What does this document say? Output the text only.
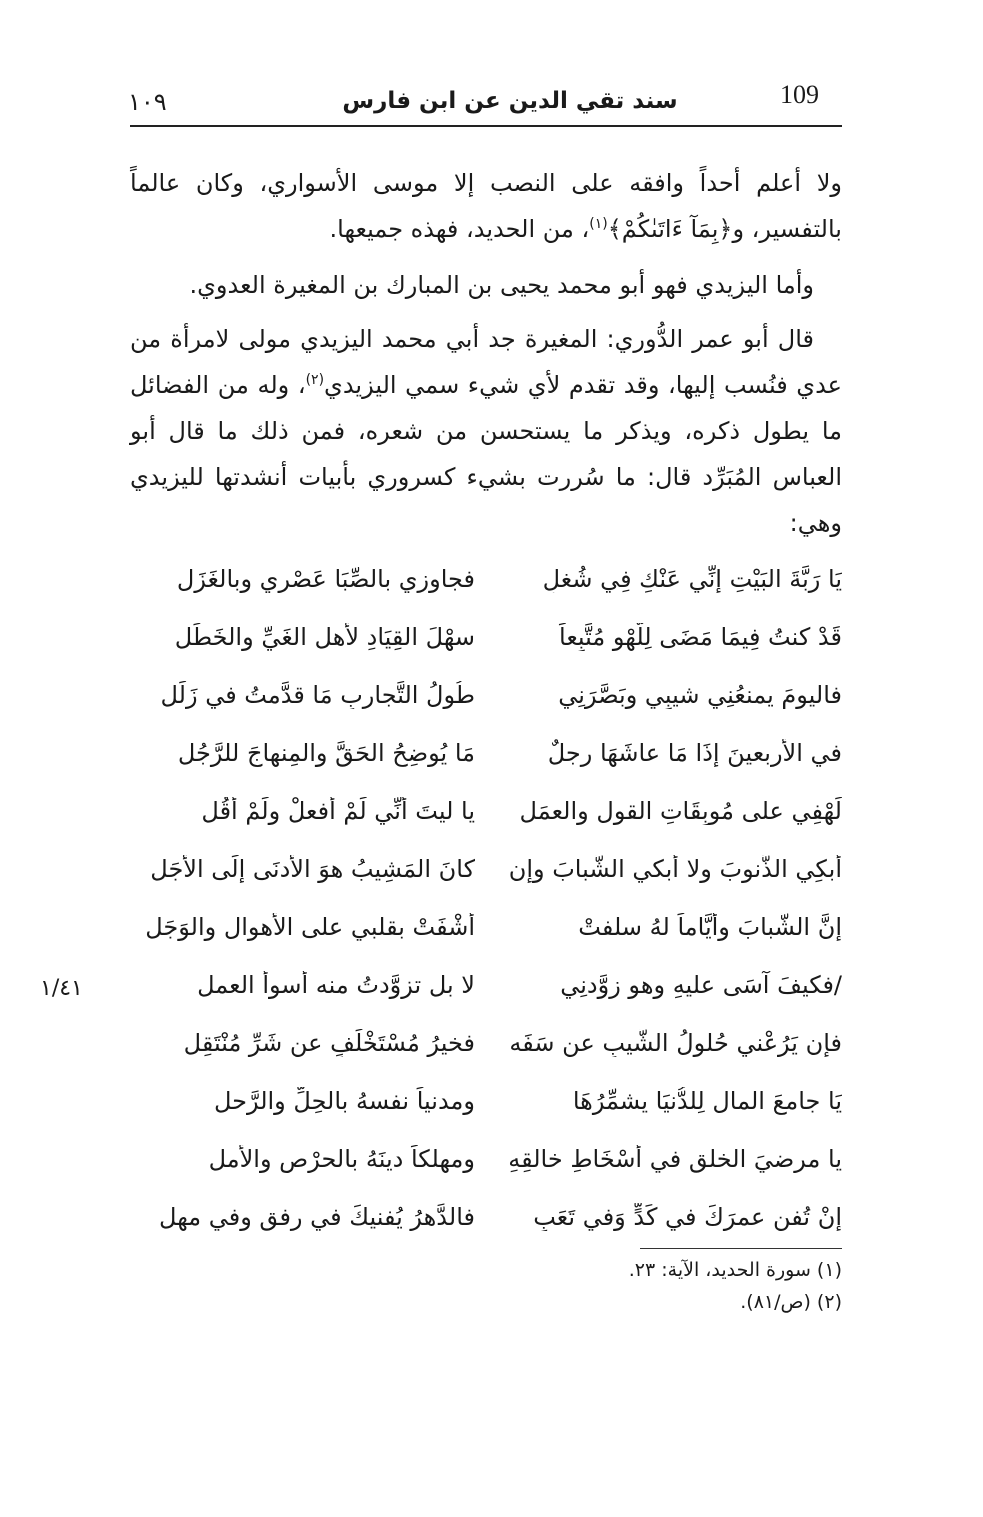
109
سند تقي الدين عن ابن فارس
١٠٩
ولا أعلم أحداً وافقه على النصب إلا موسى الأسواري، وكان عالماً بالتفسير، و﴿بِمَآ ءَاتَىٰكُمْ﴾$^{(١)}$، من الحديد، فهذه جميعها.
وأما اليزيدي فهو أبو محمد يحيى بن المبارك بن المغيرة العدوي.
قال أبو عمر الدُّوري: المغيرة جد أبي محمد اليزيدي مولى لامرأة من عدي فنُسب إليها، وقد تقدم لأي شيء سمي اليزيدي$^{(٢)}$، وله من الفضائل ما يطول ذكره، ويذكر ما يستحسن من شعره، فمن ذلك ما قال أبو العباس المُبَرِّد قال: ما سُررت بشيء كسروري بأبيات أنشدتها لليزيدي وهي:
يَا رَبَّةَ البَيْتِ إِنِّي عَنْكِ فِي شُغلٍ
فجاوِزِي بالصِّبَا عَصْرِي وبالغَزَلِ
قَدْ كنتُ فِيمَا مَضَى لِلَّهْوِ مُتَّبِعاً
سهْلَ القِيَادِ لأهلِ الغَيِّ والخَطَلِ
فاليومَ يمنعُنِي شيبِي وبَصَّرَنِي
طُولُ التَّجارِبِ مَا قدَّمتُ في زَلَلِ
في الأَربعينَ إِذَا مَا عاشَهَا رجلٌ
مَا يُوضِحُ الحَقَّ والمِنهاجَ للرَّجُلِ
لَهْفِي على مُوبِقَاتِ القولِ والعمَلِ
يا ليتَ أنِّي لَمْ أفعلْ ولَمْ أقُلِ
أبكِي الذُّنوبَ ولا أبكي الشَّبابَ وإِن
كانَ المَشِيبُ هوَ الأدنَى إِلَى الأجَلِ
إِنَّ الشَّبابَ وأيَّاماً لهُ سلفتْ
أشْفَتْ بقلبي على الأهوالِ والوَجَلِ
/فكيفَ آسَى عليهِ وهو زوَّدنِي
لا بل تزوَّدتُ منه أسوأَ العملِ
فإن يَرُعْني حُلولُ الشَّيبِ عن سَفَه
فخيرُ مُسْتَخْلَفٍ عن شَرِّ مُنْتَقِلِ
يَا جامعَ المالِ لِلدُّنيَا يشمِّرُهَا
ومدنياً نفسهُ بالحِلِّ والرَّحلِ
يا مرضيَ الخلقِ في أسْخَاطِ خالقِهِ
ومهلكاً دينَهُ بالحرْصِ والأملِ
إِنْ تُفنِ عمرَكَ في كَدٍّ وَفي تَعَبٍ
فالدَّهرُ يُفنيكَ في رفقٍ وفي مهلِ
١/٤١
(١) سورة الحديد، الآية: ٢٣.
(٢) (ص/٨١).
